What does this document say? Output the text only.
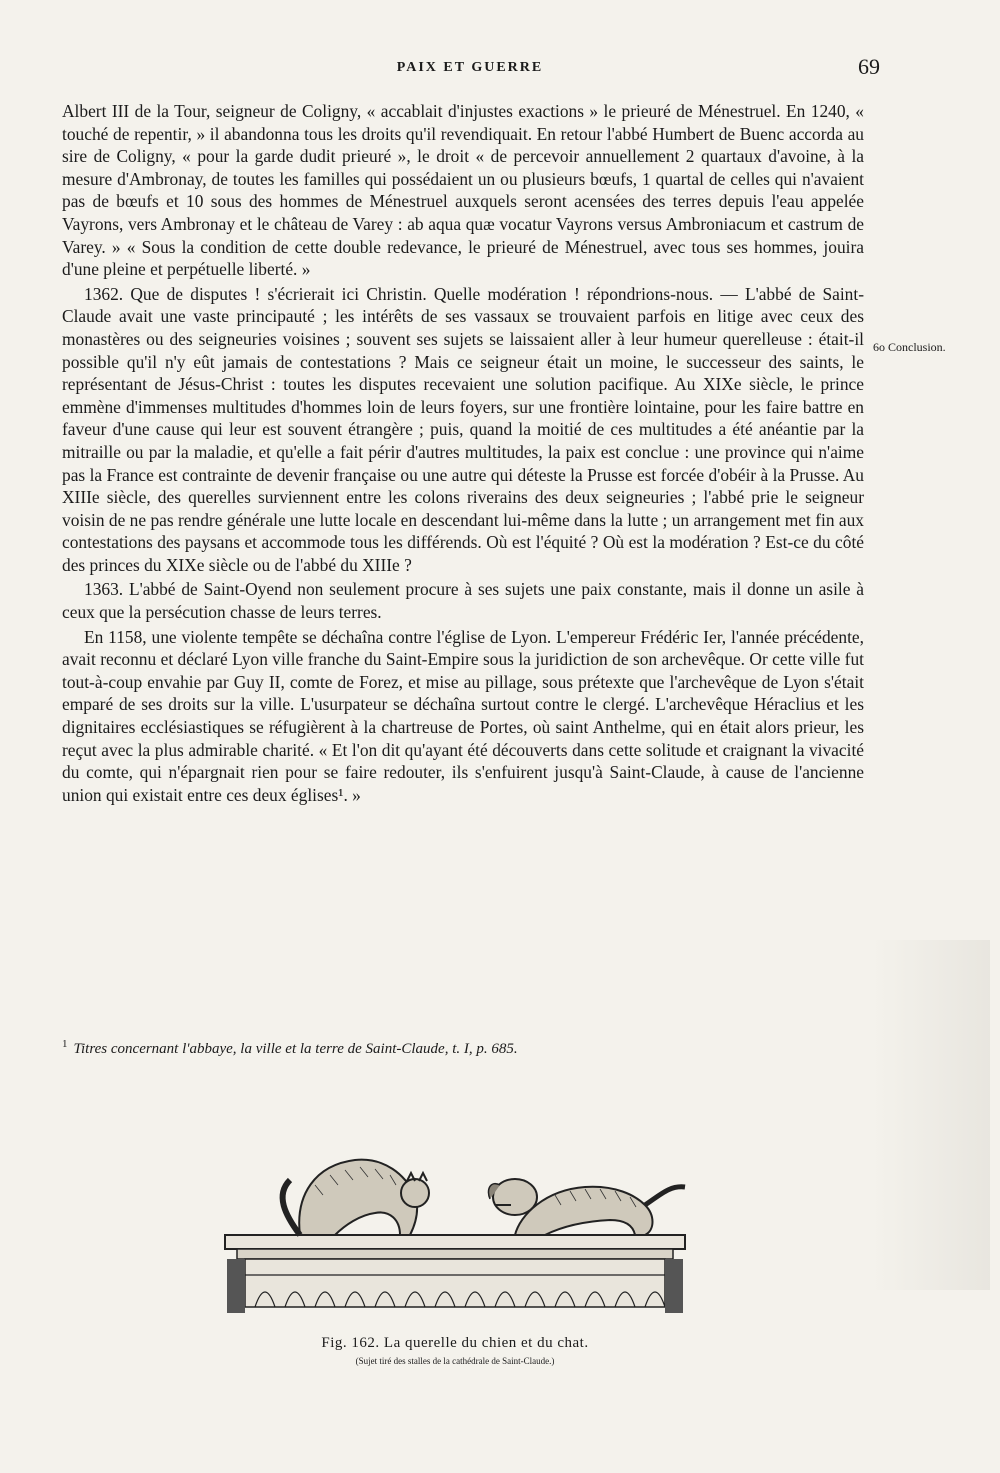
PAIX ET GUERRE	69

Albert III de la Tour, seigneur de Coligny, « accablait d'injustes exactions » le prieuré de Ménestruel. En 1240, « touché de repentir, » il abandonna tous les droits qu'il revendiquait. En retour l'abbé Humbert de Buenc accorda au sire de Coligny, « pour la garde dudit prieuré », le droit « de percevoir annuellement 2 quartaux d'avoine, à la mesure d'Ambronay, de toutes les familles qui possédaient un ou plusieurs bœufs, 1 quartal de celles qui n'avaient pas de bœufs et 10 sous des hommes de Ménestruel auxquels seront acensées des terres depuis l'eau appelée Vayrons, vers Ambronay et le château de Varey : ab aqua quæ vocatur Vayrons versus Ambroniacum et castrum de Varey. » « Sous la condition de cette double redevance, le prieuré de Ménestruel, avec tous ses hommes, jouira d'une pleine et perpétuelle liberté. »

1362. Que de disputes ! s'écrierait ici Christin. Quelle modération ! répondrions-nous. — L'abbé de Saint-Claude avait une vaste principauté ; les intérêts de ses vassaux se trouvaient parfois en litige avec ceux des monastères ou des seigneuries voisines ; souvent ses sujets se laissaient aller à leur humeur querelleuse : était-il possible qu'il n'y eût jamais de contestations ? Mais ce seigneur était un moine, le successeur des saints, le représentant de Jésus-Christ : toutes les disputes recevaient une solution pacifique. Au XIXe siècle, le prince emmène d'immenses multitudes d'hommes loin de leurs foyers, sur une frontière lointaine, pour les faire battre en faveur d'une cause qui leur est souvent étrangère ; puis, quand la moitié de ces multitudes a été anéantie par la mitraille ou par la maladie, et qu'elle a fait périr d'autres multitudes, la paix est conclue : une province qui n'aime pas la France est contrainte de devenir française ou une autre qui déteste la Prusse est forcée d'obéir à la Prusse. Au XIIIe siècle, des querelles surviennent entre les colons riverains des deux seigneuries ; l'abbé prie le seigneur voisin de ne pas rendre générale une lutte locale en descendant lui-même dans la lutte ; un arrangement met fin aux contestations des paysans et accommode tous les différends. Où est l'équité ? Où est la modération ? Est-ce du côté des princes du XIXe siècle ou de l'abbé du XIIIe ?

1363. L'abbé de Saint-Oyend non seulement procure à ses sujets une paix constante, mais il donne un asile à ceux que la persécution chasse de leurs terres.

En 1158, une violente tempête se déchaîna contre l'église de Lyon. L'empereur Frédéric Ier, l'année précédente, avait reconnu et déclaré Lyon ville franche du Saint-Empire sous la juridiction de son archevêque. Or cette ville fut tout-à-coup envahie par Guy II, comte de Forez, et mise au pillage, sous prétexte que l'archevêque de Lyon s'était emparé de ses droits sur la ville. L'usurpateur se déchaîna surtout contre le clergé. L'archevêque Héraclius et les dignitaires ecclésiastiques se réfugièrent à la chartreuse de Portes, où saint Anthelme, qui en était alors prieur, les reçut avec la plus admirable charité. « Et l'on dit qu'ayant été découverts dans cette solitude et craignant la vivacité du comte, qui n'épargnait rien pour se faire redouter, ils s'enfuirent jusqu'à Saint-Claude, à cause de l'ancienne union qui existait entre ces deux églises¹. »

6o Conclusion.
$^1$ Titres concernant l'abbaye, la ville et la terre de Saint-Claude, t. I, p. 685.
Fig. 162. La querelle du chien et du chat.
(Sujet tiré des stalles de la cathédrale de Saint-Claude.)
